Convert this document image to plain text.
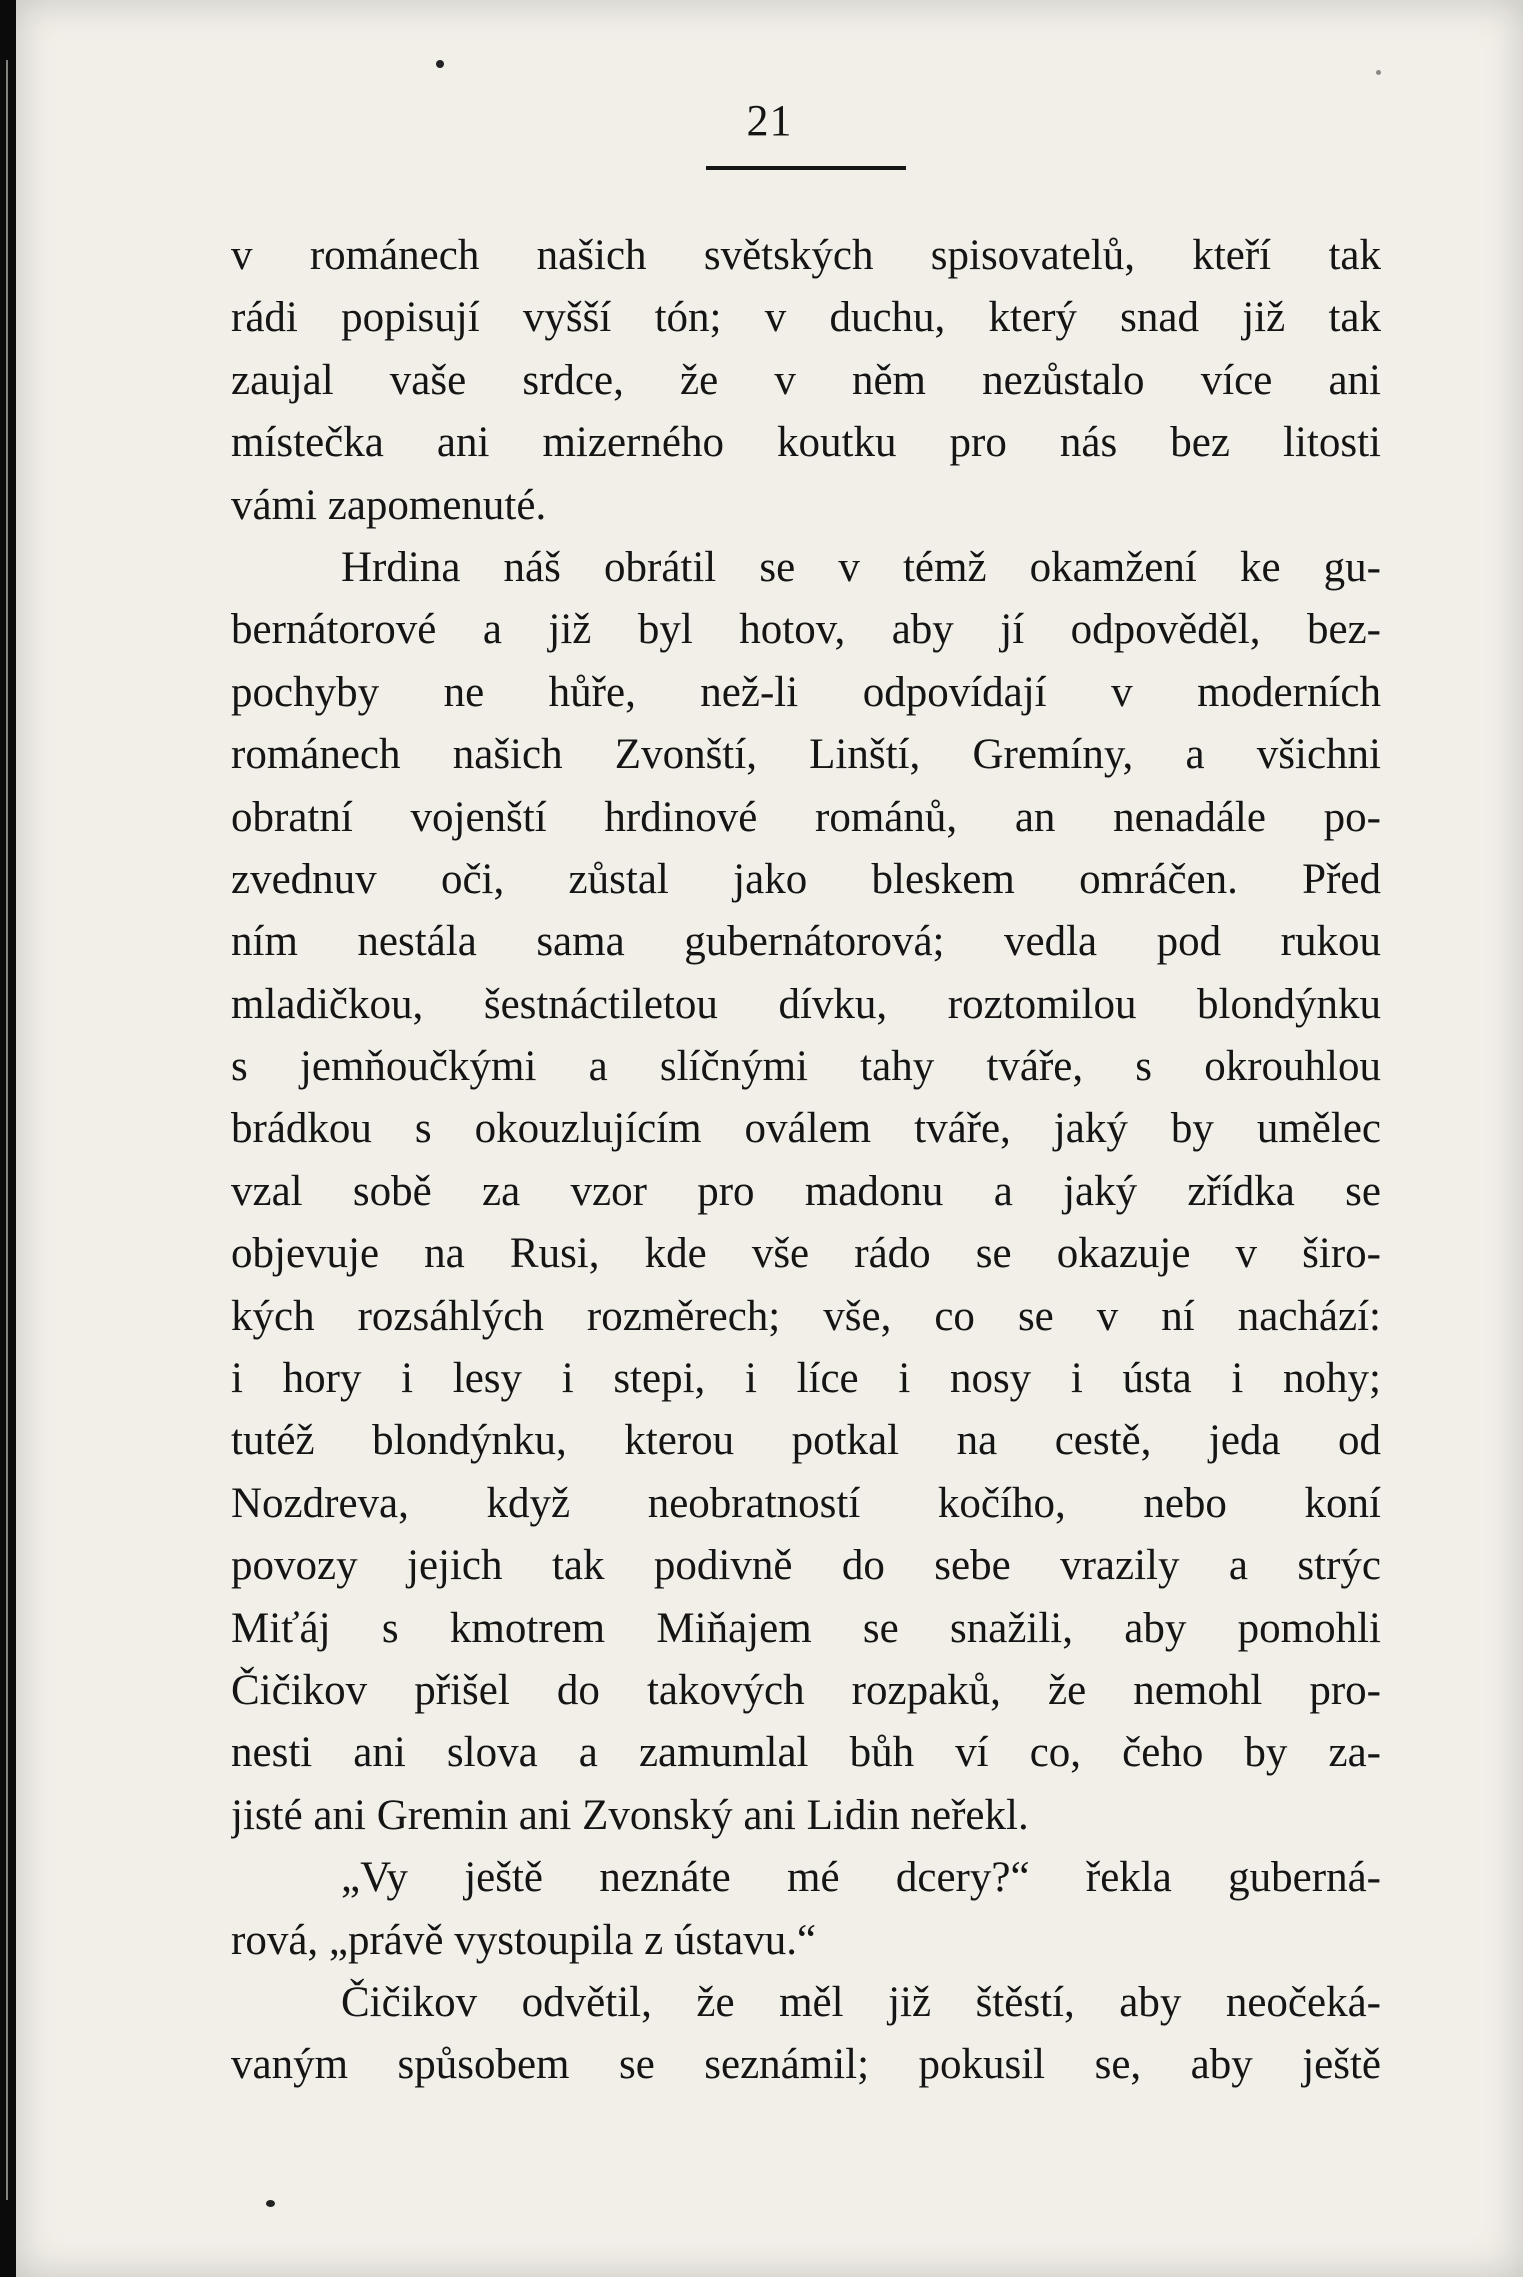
21
v románech našich světských spisovatelů, kteří tak
rádi popisují vyšší tón; v duchu, který snad již tak
zaujal vaše srdce, že v něm nezůstalo více ani
místečka ani mizerného koutku pro nás bez litosti
vámi zapomenuté.
Hrdina náš obrátil se v témž okamžení ke gu-
bernátorové a již byl hotov, aby jí odpověděl, bez-
pochyby ne hůře, než-li odpovídají v moderních
románech našich Zvonští, Linští, Gremíny, a všichni
obratní vojenští hrdinové románů, an nenadále po-
zvednuv oči, zůstal jako bleskem omráčen. Před
ním nestála sama gubernátorová; vedla pod rukou
mladičkou, šestnáctiletou dívku, roztomilou blondýnku
s jemňoučkými a slíčnými tahy tváře, s okrouhlou
brádkou s okouzlujícím oválem tváře, jaký by umělec
vzal sobě za vzor pro madonu a jaký zřídka se
objevuje na Rusi, kde vše rádo se okazuje v širo-
kých rozsáhlých rozměrech; vše, co se v ní nachází:
i hory i lesy i stepi, i líce i nosy i ústa i nohy;
tutéž blondýnku, kterou potkal na cestě, jeda od
Nozdreva, když neobratností kočího, nebo koní
povozy jejich tak podivně do sebe vrazily a strýc
Miťáj s kmotrem Miňajem se snažili, aby pomohli
Čičikov přišel do takových rozpaků, že nemohl pro-
nesti ani slova a zamumlal bůh ví co, čeho by za-
jisté ani Gremin ani Zvonský ani Lidin neřekl.
„Vy ještě neznáte mé dcery?“ řekla guberná-
rová, „právě vystoupila z ústavu.“
Čičikov odvětil, že měl již štěstí, aby neočeká-
vaným spůsobem se seznámil; pokusil se, aby ještě
